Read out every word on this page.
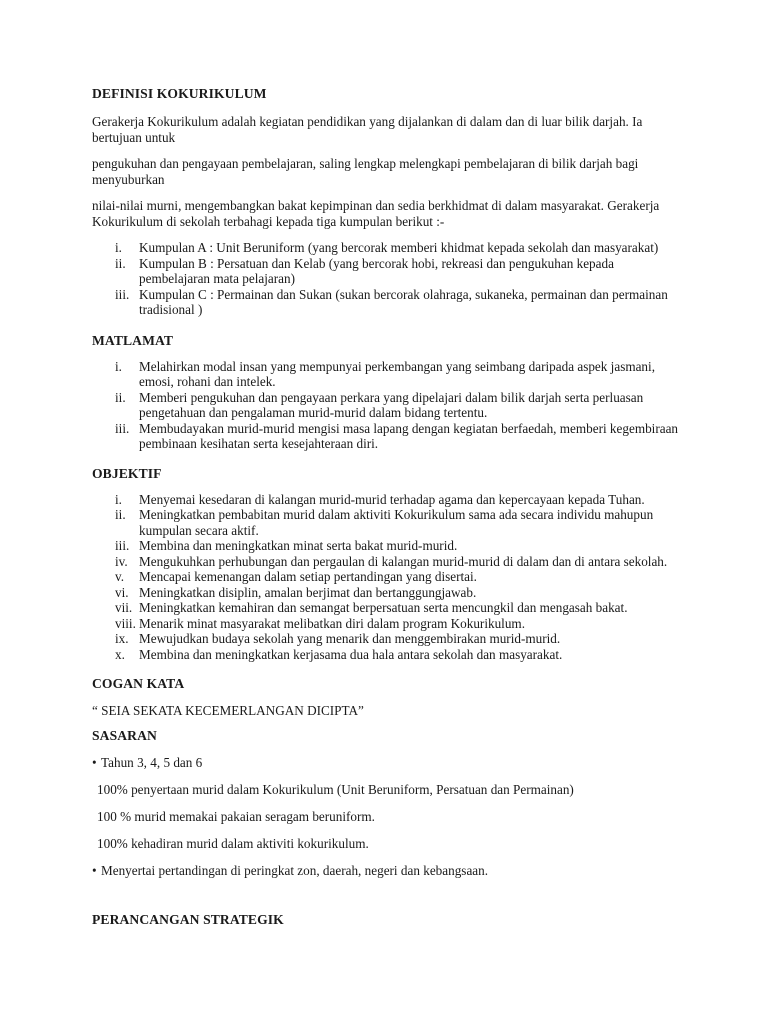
DEFINISI KOKURIKULUM

Gerakerja Kokurikulum adalah kegiatan pendidikan yang dijalankan di dalam dan di luar bilik darjah. Ia bertujuan untuk

pengukuhan dan pengayaan pembelajaran, saling lengkap melengkapi pembelajaran di bilik darjah bagi menyuburkan

nilai-nilai murni, mengembangkan bakat kepimpinan dan sedia berkhidmat di dalam masyarakat. Gerakerja Kokurikulum di sekolah terbahagi kepada tiga kumpulan berikut :-

i. Kumpulan A : Unit Beruniform (yang bercorak memberi khidmat kepada sekolah dan masyarakat)
ii. Kumpulan B : Persatuan dan Kelab (yang bercorak hobi, rekreasi dan pengukuhan kepada pembelajaran mata pelajaran)
iii. Kumpulan C : Permainan dan Sukan (sukan bercorak olahraga, sukaneka, permainan dan permainan tradisional )
MATLAMAT
i. Melahirkan modal insan yang mempunyai perkembangan yang seimbang daripada aspek jasmani, emosi, rohani dan intelek.
ii. Memberi pengukuhan dan pengayaan perkara yang dipelajari dalam bilik darjah serta perluasan pengetahuan dan pengalaman murid-murid dalam bidang tertentu.
iii. Membudayakan murid-murid mengisi masa lapang dengan kegiatan berfaedah, memberi kegembiraan pembinaan kesihatan serta kesejahteraan diri.
OBJEKTIF
i. Menyemai kesedaran di kalangan murid-murid terhadap agama dan kepercayaan kepada Tuhan.
ii. Meningkatkan pembabitan murid dalam aktiviti Kokurikulum sama ada secara individu mahupun kumpulan secara aktif.
iii. Membina dan meningkatkan minat serta bakat murid-murid.
iv. Mengukuhkan perhubungan dan pergaulan di kalangan murid-murid di dalam dan di antara sekolah.
v. Mencapai kemenangan dalam setiap pertandingan yang disertai.
vi. Meningkatkan disiplin, amalan berjimat dan bertanggungjawab.
vii. Meningkatkan kemahiran dan semangat berpersatuan serta mencungkil dan mengasah bakat.
viii. Menarik minat masyarakat melibatkan diri dalam program Kokurikulum.
ix. Mewujudkan budaya sekolah yang menarik dan menggembirakan murid-murid.
x. Membina dan meningkatkan kerjasama dua hala antara sekolah dan masyarakat.
COGAN KATA

“ SEIA SEKATA KECEMERLANGAN DICIPTA”

SASARAN

• Tahun 3, 4, 5 dan 6

100% penyertaan murid dalam Kokurikulum (Unit Beruniform, Persatuan dan Permainan)

100 % murid memakai pakaian seragam beruniform.

100% kehadiran murid dalam aktiviti kokurikulum.

• Menyertai pertandingan di peringkat zon, daerah, negeri dan kebangsaan.

PERANCANGAN STRATEGIK
